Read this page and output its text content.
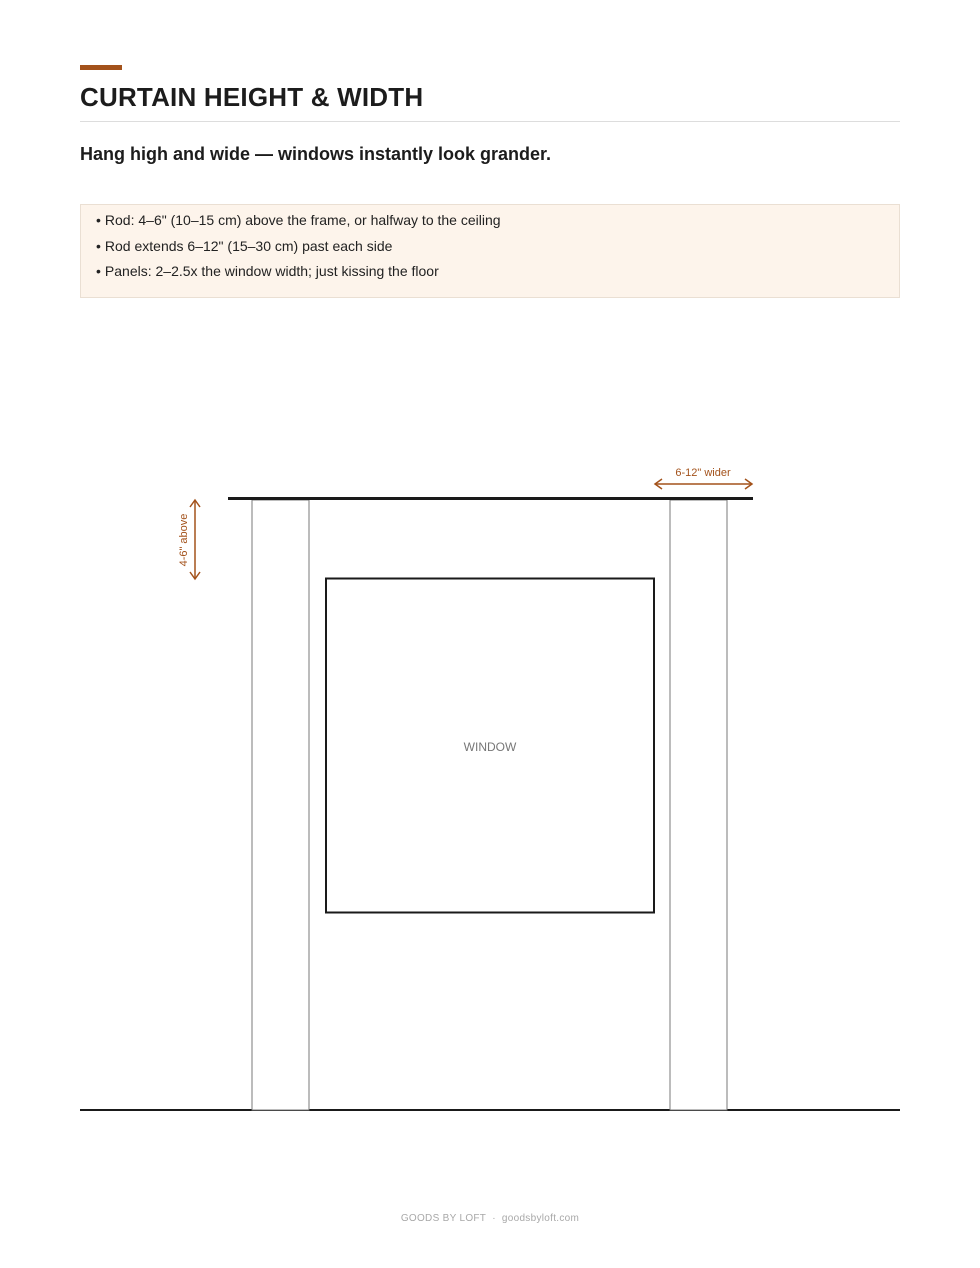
CURTAIN HEIGHT & WIDTH
Hang high and wide — windows instantly look grander.
• Rod: 4–6" (10–15 cm) above the frame, or halfway to the ceiling
• Rod extends 6–12" (15–30 cm) past each side
• Panels: 2–2.5x the window width; just kissing the floor
WINDOW
6-12" wider
4-6" above
GOODS BY LOFT · goodsbyloft.com
